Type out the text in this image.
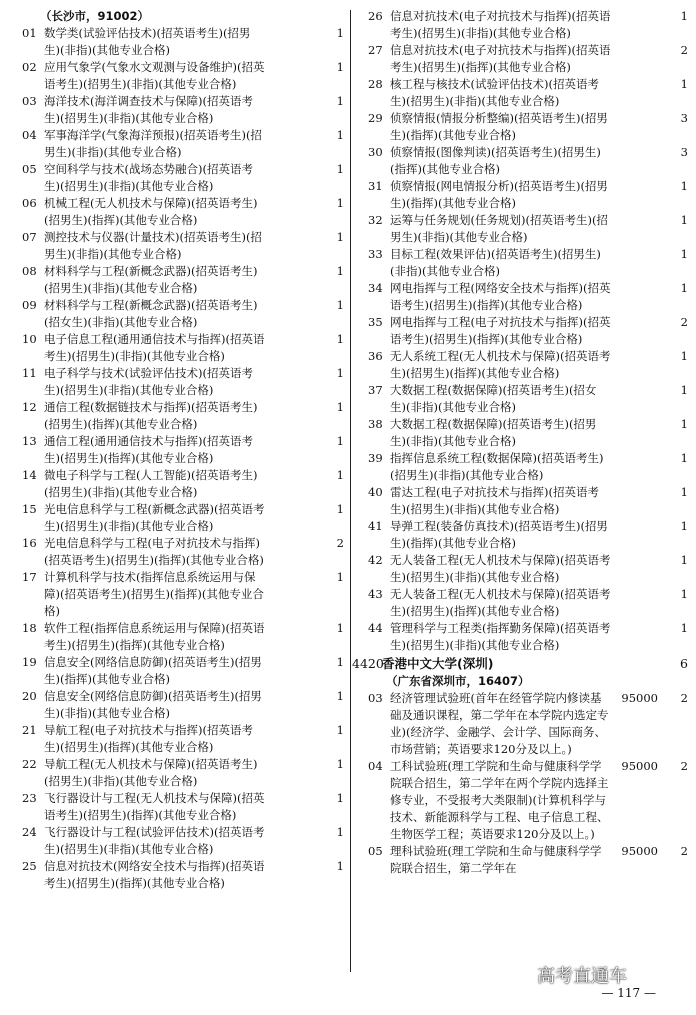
（长沙市，91002）
01 数学类(试验评估技术)(招英语考生)(招男生)(非指)(其他专业合格)
1
02 应用气象学(气象水文观测与设备维护)(招英语考生)(招男生)(非指)(其他专业合格)
1
03 海洋技术(海洋调查技术与保障)(招英语考生)(招男生)(非指)(其他专业合格)
1
04 军事海洋学(气象海洋预报)(招英语考生)(招男生)(非指)(其他专业合格)
1
05 空间科学与技术(战场态势融合)(招英语考生)(招男生)(非指)(其他专业合格)
1
06 机械工程(无人机技术与保障)(招英语考生)(招男生)(指挥)(其他专业合格)
1
07 测控技术与仪器(计量技术)(招英语考生)(招男生)(非指)(其他专业合格)
1
08 材料科学与工程(新概念武器)(招英语考生)(招男生)(非指)(其他专业合格)
1
09 材料科学与工程(新概念武器)(招英语考生)(招女生)(非指)(其他专业合格)
1
10 电子信息工程(通用通信技术与指挥)(招英语考生)(招男生)(非指)(其他专业合格)
1
11 电子科学与技术(试验评估技术)(招英语考生)(招男生)(非指)(其他专业合格)
1
12 通信工程(数据链技术与指挥)(招英语考生)(招男生)(指挥)(其他专业合格)
1
13 通信工程(通用通信技术与指挥)(招英语考生)(招男生)(指挥)(其他专业合格)
1
14 微电子科学与工程(人工智能)(招英语考生)(招男生)(非指)(其他专业合格)
1
15 光电信息科学与工程(新概念武器)(招英语考生)(招男生)(非指)(其他专业合格)
1
16 光电信息科学与工程(电子对抗技术与指挥)(招英语考生)(招男生)(指挥)(其他专业合格)
2
17 计算机科学与技术(指挥信息系统运用与保障)(招英语考生)(招男生)(指挥)(其他专业合格)
1
18 软件工程(指挥信息系统运用与保障)(招英语考生)(招男生)(指挥)(其他专业合格)
1
19 信息安全(网络信息防御)(招英语考生)(招男生)(指挥)(其他专业合格)
1
20 信息安全(网络信息防御)(招英语考生)(招男生)(非指)(其他专业合格)
1
21 导航工程(电子对抗技术与指挥)(招英语考生)(招男生)(指挥)(其他专业合格)
1
22 导航工程(无人机技术与保障)(招英语考生)(招男生)(非指)(其他专业合格)
1
23 飞行器设计与工程(无人机技术与保障)(招英语考生)(招男生)(指挥)(其他专业合格)
1
24 飞行器设计与工程(试验评估技术)(招英语考生)(招男生)(非指)(其他专业合格)
1
25 信息对抗技术(网络安全技术与指挥)(招英语考生)(招男生)(指挥)(其他专业合格)
1
26 信息对抗技术(电子对抗技术与指挥)(招英语考生)(招男生)(非指)(其他专业合格)
1
27 信息对抗技术(电子对抗技术与指挥)(招英语考生)(招男生)(指挥)(其他专业合格)
2
28 核工程与核技术(试验评估技术)(招英语考生)(招男生)(非指)(其他专业合格)
1
29 侦察情报(情报分析整编)(招英语考生)(招男生)(指挥)(其他专业合格)
3
30 侦察情报(图像判读)(招英语考生)(招男生)(指挥)(其他专业合格)
3
31 侦察情报(网电情报分析)(招英语考生)(招男生)(指挥)(其他专业合格)
1
32 运筹与任务规划(任务规划)(招英语考生)(招男生)(非指)(其他专业合格)
1
33 目标工程(效果评估)(招英语考生)(招男生)(非指)(其他专业合格)
1
34 网电指挥与工程(网络安全技术与指挥)(招英语考生)(招男生)(指挥)(其他专业合格)
1
35 网电指挥与工程(电子对抗技术与指挥)(招英语考生)(招男生)(指挥)(其他专业合格)
2
36 无人系统工程(无人机技术与保障)(招英语考生)(招男生)(指挥)(其他专业合格)
1
37 大数据工程(数据保障)(招英语考生)(招女生)(非指)(其他专业合格)
1
38 大数据工程(数据保障)(招英语考生)(招男生)(非指)(其他专业合格)
1
39 指挥信息系统工程(数据保障)(招英语考生)(招男生)(非指)(其他专业合格)
1
40 雷达工程(电子对抗技术与指挥)(招英语考生)(招男生)(非指)(其他专业合格)
1
41 导弹工程(装备仿真技术)(招英语考生)(招男生)(指挥)(其他专业合格)
1
42 无人装备工程(无人机技术与保障)(招英语考生)(招男生)(非指)(其他专业合格)
1
43 无人装备工程(无人机技术与保障)(招英语考生)(招男生)(指挥)(其他专业合格)
1
44 管理科学与工程类(指挥勤务保障)(招英语考生)(招男生)(非指)(其他专业合格)
1
4420香港中文大学(深圳)	6
（广东省深圳市，16407）
03 经济管理试验班(首年在经管学院内修读基础及通识课程，第二学年在本学院内选定专业)(经济学、金融学、会计学、国际商务、市场营销；英语要求120分及以上。)
95000 2
04 工科试验班(理工学院和生命与健康科学学院联合招生，第二学年在两个学院内选择主修专业，不受报考大类限制)(计算机科学与技术、新能源科学与工程、电子信息工程、生物医学工程；英语要求120分及以上。)
95000 2
05 理科试验班(理工学院和生命与健康科学学院联合招生，第二学年在
95000 2
高考直通车
— 117 —
